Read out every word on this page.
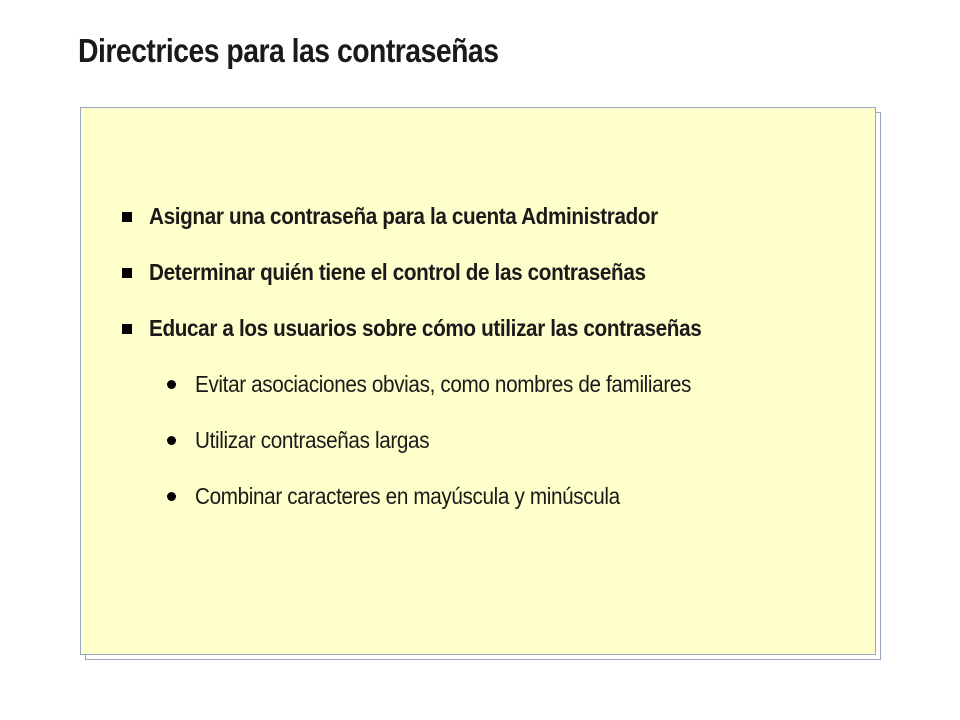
Directrices para las contraseñas
Asignar una contraseña para la cuenta Administrador
Determinar quién tiene el control de las contraseñas
Educar a los usuarios sobre cómo utilizar las contraseñas
Evitar asociaciones obvias, como nombres de familiares
Utilizar contraseñas largas
Combinar caracteres en mayúscula y minúscula
